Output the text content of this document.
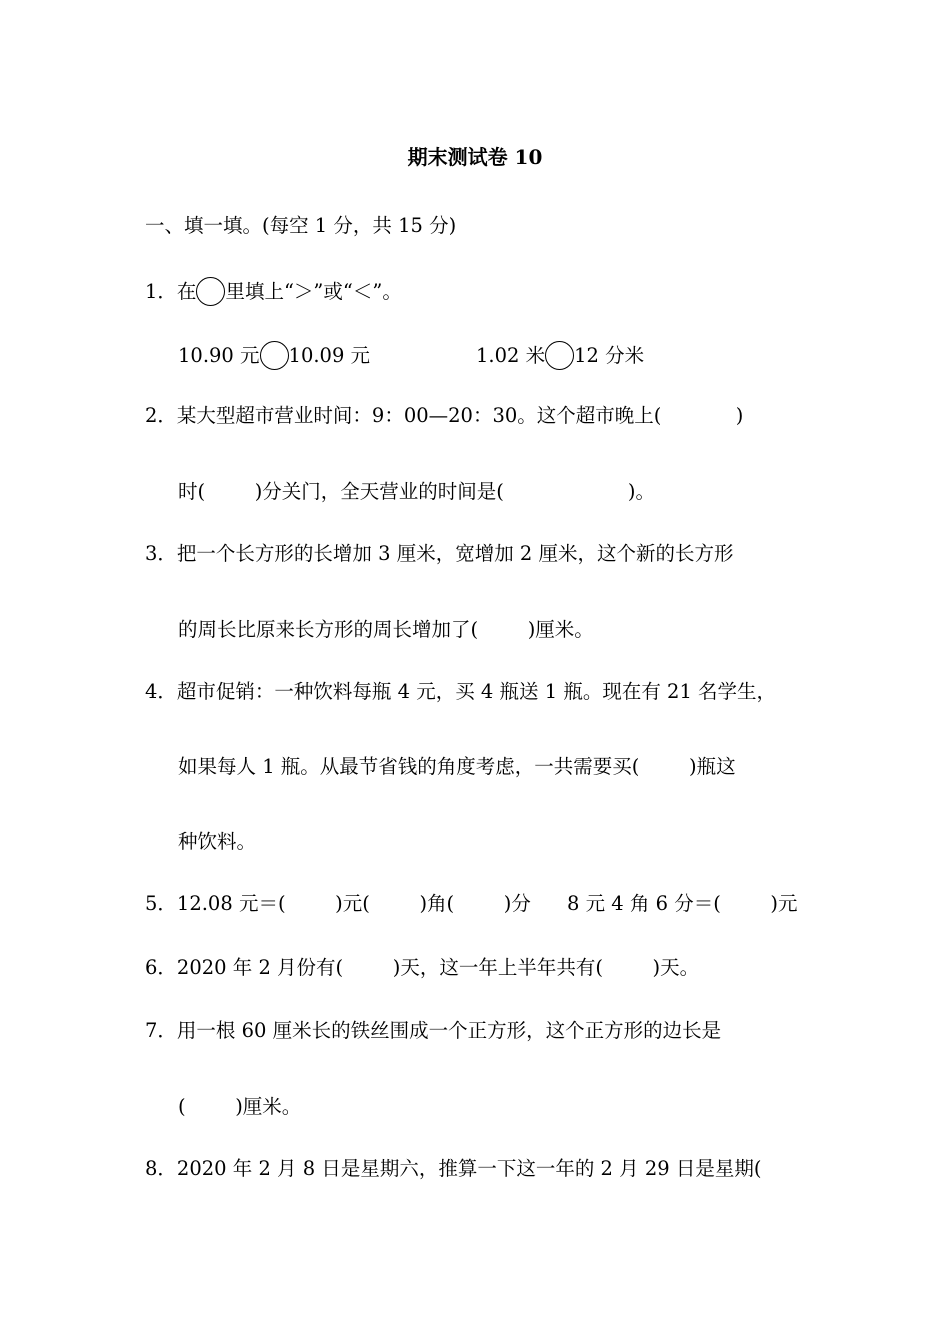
期末测试卷 10
一、填一填。(每空 1 分，共 15 分)
1．在 里填上“＞”或“＜”。
10.90 元 10.09 元	1.02 米 12 分米
2．某大型超市营业时间：9：00—20：30。这个超市晚上(            )
时(        )分关门，全天营业的时间是(                    )。
3．把一个长方形的长增加 3 厘米，宽增加 2 厘米，这个新的长方形
的周长比原来长方形的周长增加了(        )厘米。
4．超市促销：一种饮料每瓶 4 元，买 4 瓶送 1 瓶。现在有 21 名学生，
如果每人 1 瓶。从最节省钱的角度考虑，一共需要买(        )瓶这
种饮料。
5．12.08 元＝(        )元(        )角(        )分 8 元 4 角 6 分＝(        )元
6．2020 年 2 月份有(        )天，这一年上半年共有(        )天。
7．用一根 60 厘米长的铁丝围成一个正方形，这个正方形的边长是
(        )厘米。
8．2020 年 2 月 8 日是星期六，推算一下这一年的 2 月 29 日是星期(
